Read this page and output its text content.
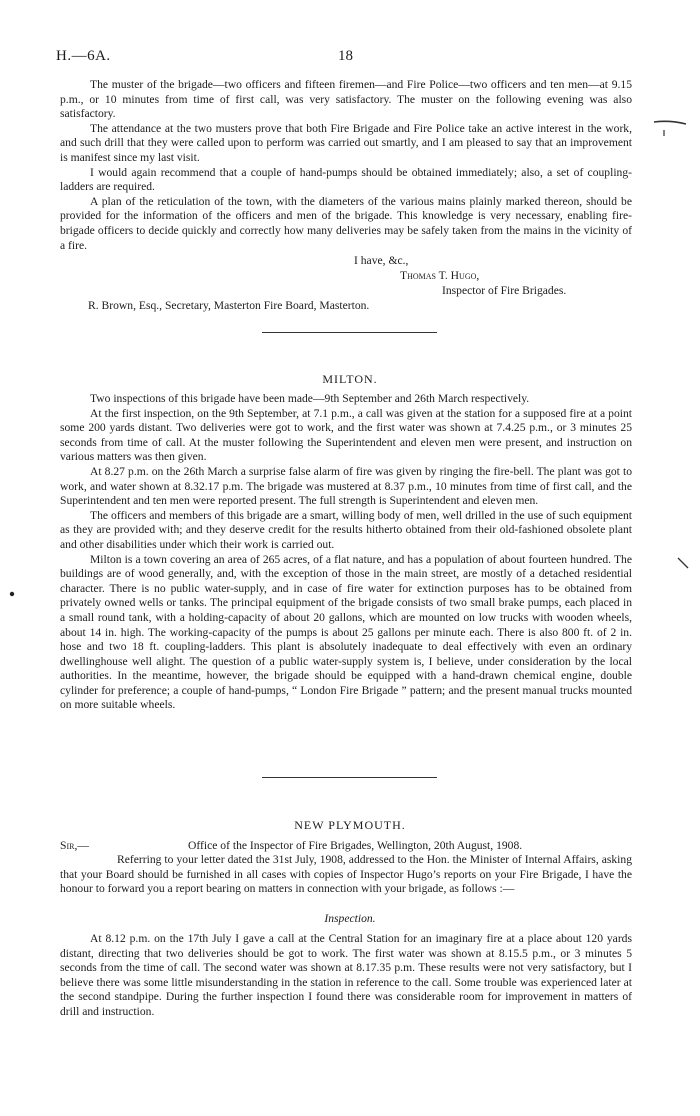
H.—6A.	18

The muster of the brigade—two officers and fifteen firemen—and Fire Police—two officers and ten men—at 9.15 p.m., or 10 minutes from time of first call, was very satisfactory. The muster on the following evening was also satisfactory.

The attendance at the two musters prove that both Fire Brigade and Fire Police take an active interest in the work, and such drill that they were called upon to perform was carried out smartly, and I am pleased to say that an improvement is manifest since my last visit.

I would again recommend that a couple of hand-pumps should be obtained immediately; also, a set of coupling-ladders are required.

A plan of the reticulation of the town, with the diameters of the various mains plainly marked thereon, should be provided for the information of the officers and men of the brigade. This knowledge is very necessary, enabling fire-brigade officers to decide quickly and correctly how many deliveries may be safely taken from the mains in the vicinity of a fire.

I have, &c.,
Thomas T. Hugo,
Inspector of Fire Brigades.
R. Brown, Esq., Secretary, Masterton Fire Board, Masterton.
MILTON.

Two inspections of this brigade have been made—9th September and 26th March respectively.

At the first inspection, on the 9th September, at 7.1 p.m., a call was given at the station for a supposed fire at a point some 200 yards distant. Two deliveries were got to work, and the first water was shown at 7.4.25 p.m., or 3 minutes 25 seconds from time of call. At the muster following the Superintendent and eleven men were present, and instruction on various matters was then given.

At 8.27 p.m. on the 26th March a surprise false alarm of fire was given by ringing the fire-bell. The plant was got to work, and water shown at 8.32.17 p.m. The brigade was mustered at 8.37 p.m., 10 minutes from time of first call, and the Superintendent and ten men were reported present. The full strength is Superintendent and eleven men.

The officers and members of this brigade are a smart, willing body of men, well drilled in the use of such equipment as they are provided with; and they deserve credit for the results hitherto obtained from their old-fashioned obsolete plant and other disabilities under which their work is carried out.

Milton is a town covering an area of 265 acres, of a flat nature, and has a population of about fourteen hundred. The buildings are of wood generally, and, with the exception of those in the main street, are mostly of a detached residential character. There is no public water-supply, and in case of fire water for extinction purposes has to be obtained from privately owned wells or tanks. The principal equipment of the brigade consists of two small brake pumps, each placed in a small round tank, with a holding-capacity of about 20 gallons, which are mounted on low trucks with wooden wheels, about 14 in. high. The working-capacity of the pumps is about 25 gallons per minute each. There is also 800 ft. of 2 in. hose and two 18 ft. coupling-ladders. This plant is absolutely inadequate to deal effectively with even an ordinary dwellinghouse well alight. The question of a public water-supply system is, I believe, under consideration by the local authorities. In the meantime, however, the brigade should be equipped with a hand-drawn chemical engine, double cylinder for preference; a couple of hand-pumps, “ London Fire Brigade ” pattern; and the present manual trucks mounted on more suitable wheels.

NEW PLYMOUTH.
Sir,—	Office of the Inspector of Fire Brigades, Wellington, 20th August, 1908.

Referring to your letter dated the 31st July, 1908, addressed to the Hon. the Minister of Internal Affairs, asking that your Board should be furnished in all cases with copies of Inspector Hugo’s reports on your Fire Brigade, I have the honour to forward you a report bearing on matters in connection with your brigade, as follows :—

Inspection.

At 8.12 p.m. on the 17th July I gave a call at the Central Station for an imaginary fire at a place about 120 yards distant, directing that two deliveries should be got to work. The first water was shown at 8.15.5 p.m., or 3 minutes 5 seconds from the time of call. The second water was shown at 8.17.35 p.m. These results were not very satisfactory, but I believe there was some little misunderstanding in the station in reference to the call. Some trouble was experienced later at the second standpipe. During the further inspection I found there was considerable room for improvement in matters of drill and instruction.
